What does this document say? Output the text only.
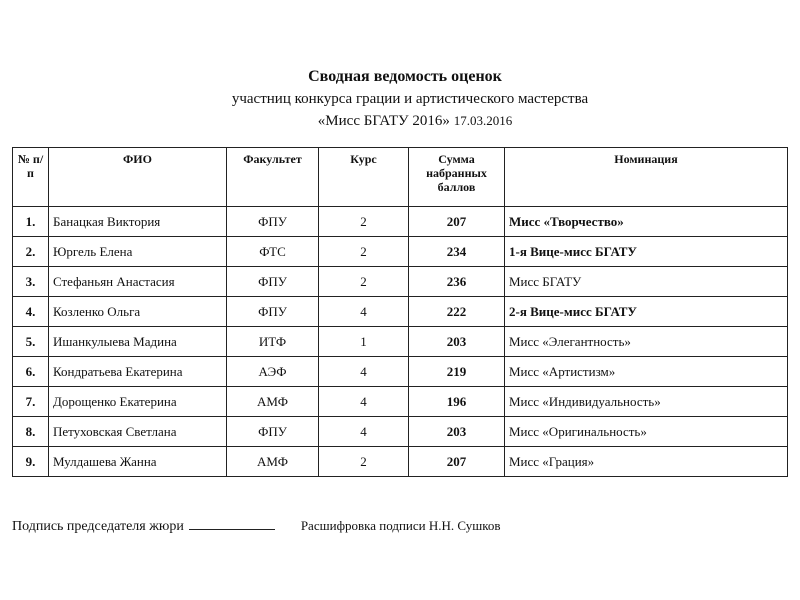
Сводная ведомость оценок
участниц конкурса грации и артистического мастерства
«Мисс БГАТУ 2016» 17.03.2016
№ п/п	ФИО	Факультет	Курс	Сумма набранных баллов	Номинация
1.	Банацкая Виктория	ФПУ	2	207	Мисс «Творчество»
2.	Юргель Елена	ФТС	2	234	1-я Вице-мисс БГАТУ
3.	Стефаньян Анастасия	ФПУ	2	236	Мисс БГАТУ
4.	Козленко Ольга	ФПУ	4	222	2-я Вице-мисс БГАТУ
5.	Ишанкулыева Мадина	ИТФ	1	203	Мисс «Элегантность»
6.	Кондратьева Екатерина	АЭФ	4	219	Мисс «Артистизм»
7.	Дорощенко Екатерина	АМФ	4	196	Мисс «Индивидуальность»
8.	Петуховская Светлана	ФПУ	4	203	Мисс «Оригинальность»
9.	Мулдашева Жанна	АМФ	2	207	Мисс «Грация»
Подпись председателя жюри	Расшифровка подписи Н.Н. Сушков
